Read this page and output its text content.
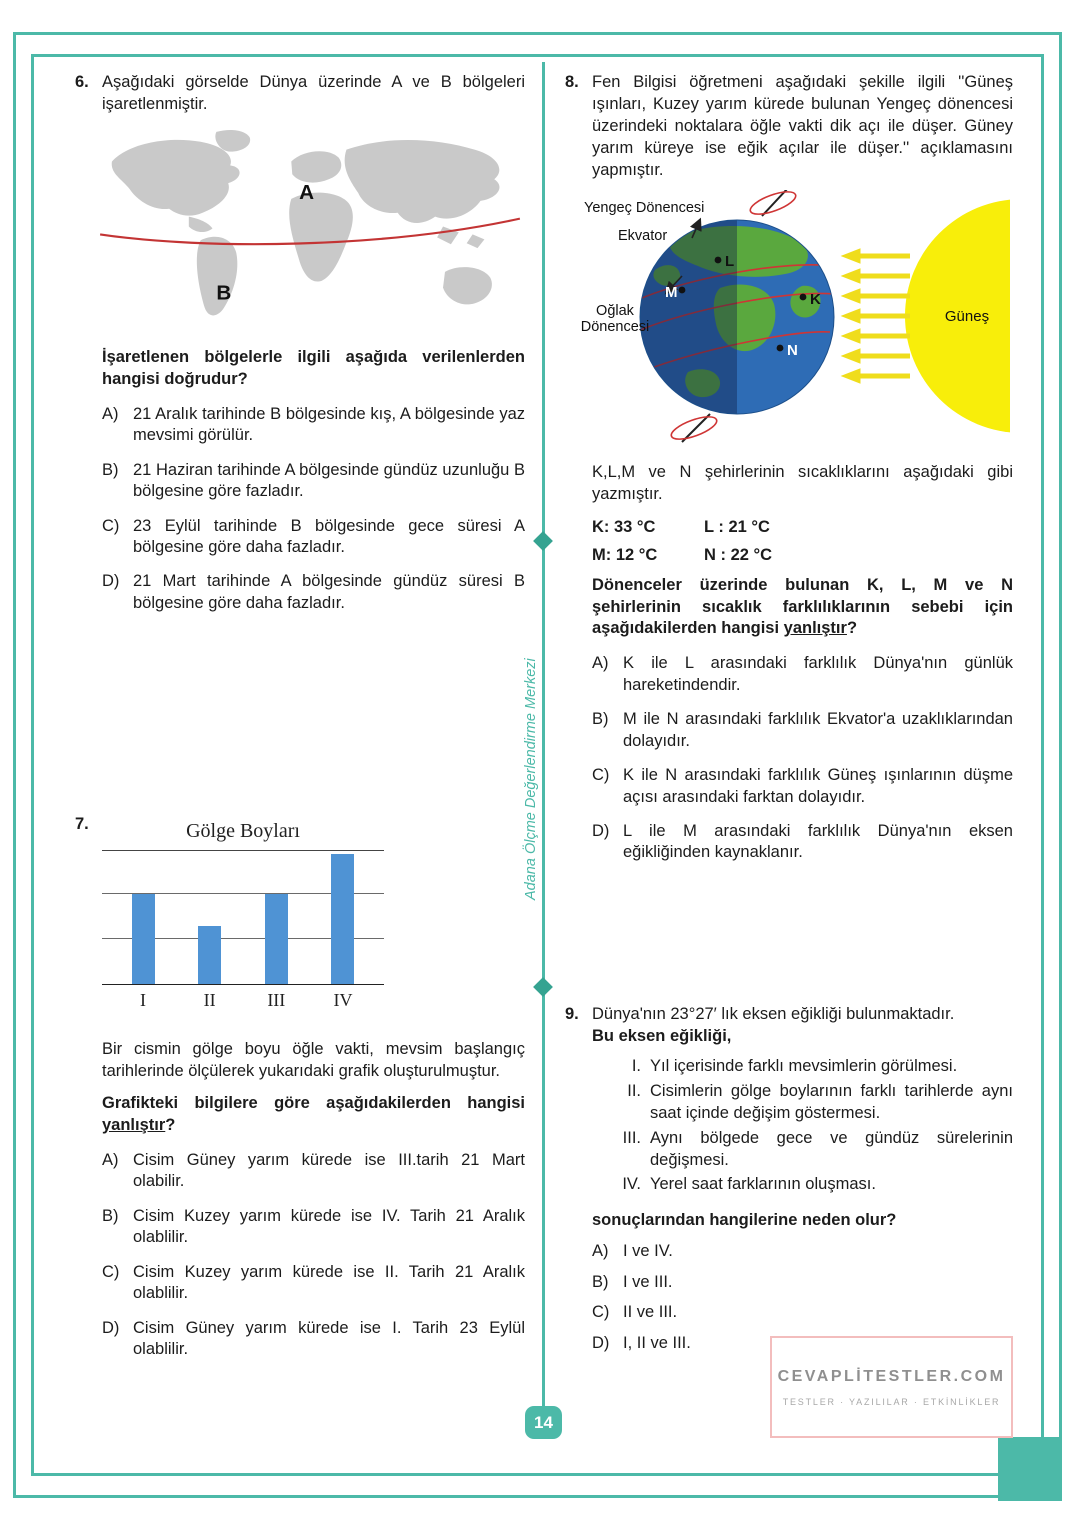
Adana Ölçme Değerlendirme Merkezi
14
6. Aşağıdaki görselde Dünya üzerinde A ve B bölgeleri işaretlenmiştir.

A
B

İşaretlenen bölgelerle ilgili aşağıda verilenlerden hangisi doğrudur?

A) 21 Aralık tarihinde B bölgesinde kış, A bölgesinde yaz mevsimi görülür.
B) 21 Haziran tarihinde A bölgesinde gündüz uzunluğu B bölgesine göre fazladır.
C) 23 Eylül tarihinde B bölgesinde gece süresi A bölgesine göre daha fazladır.
D) 21 Mart tarihinde A bölgesinde gündüz süresi B bölgesine göre daha fazladır.
7.	Gölge Boyları
I	II	III	IV

Bir cismin gölge boyu öğle vakti, mevsim başlangıç tarihlerinde ölçülerek yukarıdaki grafik oluşturulmuştur.

Grafikteki bilgilere göre aşağıdakilerden hangisi yanlıştır?

A) Cisim Güney yarım kürede ise III.tarih 21 Mart olabilir.
B) Cisim Kuzey yarım kürede ise IV. Tarih 21 Aralık olablilir.
C) Cisim Kuzey yarım kürede ise II. Tarih 21 Aralık olablilir.
D) Cisim Güney yarım kürede ise I. Tarih 23 Eylül olablilir.
8. Fen Bilgisi öğretmeni aşağıdaki şekille ilgili ''Güneş ışınları, Kuzey yarım kürede bulunan Yengeç dönencesi üzerindeki noktalara öğle vakti dik açı ile düşer. Güney yarım küreye ise eğik açılar ile düşer.'' açıklamasını yapmıştır.

Güneş
L
M	K
N
Yengeç Dönencesi
Ekvator
Oğlak
Dönencesi

K,L,M ve N şehirlerinin sıcaklıklarını aşağıdaki gibi yazmıştır.

K: 33 °C	L : 21 °C
M: 12 °C	N : 22 °C

Dönenceler üzerinde bulunan K, L, M ve N şehirlerinin sıcaklık farklılıklarının sebebi için aşağıdakilerden hangisi yanlıştır?

A) K ile L arasındaki farklılık Dünya'nın günlük hareketindendir.
B) M ile N arasındaki farklılık Ekvator'a uzaklıklarından dolayıdır.
C) K ile N arasındaki farklılık Güneş ışınlarının düşme açısı arasındaki farktan dolayıdır.
D) L ile M arasındaki farklılık Dünya'nın eksen eğikliğinden kaynaklanır.
9. Dünya'nın 23°27′ lık eksen eğikliği bulunmaktadır.

Bu eksen eğikliği,

I. Yıl içerisinde farklı mevsimlerin görülmesi.
II. Cisimlerin gölge boylarının farklı tarihlerde aynı saat içinde değişim göstermesi.
III. Aynı bölgede gece ve gündüz sürelerinin değişmesi.
IV. Yerel saat farklarının oluşması.

sonuçlarından hangilerine neden olur?

A) I ve IV.
B) I ve III.
C) II ve III.
D) I, II ve III.
CEVAPLİTESTLER.COM
TESTLER · YAZILILAR · ETKİNLİKLER
